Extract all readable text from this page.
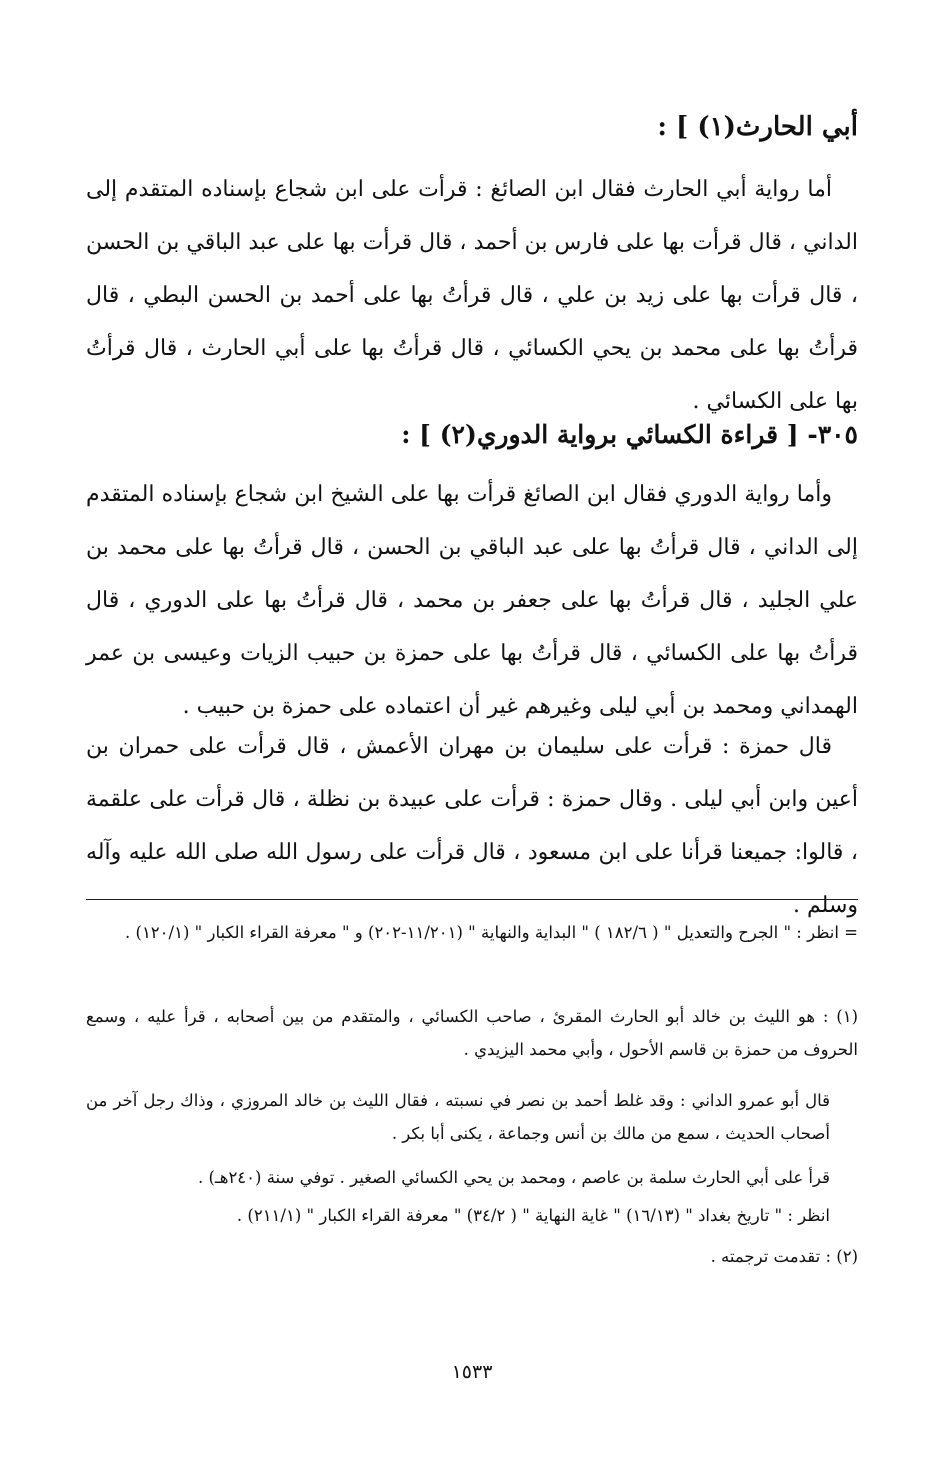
أبي الحارث(١) ] :

أما رواية أبي الحارث فقال ابن الصائغ : قرأت على ابن شجاع بإسناده المتقدم إلى الداني ، قال قرأت بها على فارس بن أحمد ، قال قرأت بها على عبد الباقي بن الحسن ، قال قرأت بها على زيد بن علي ، قال قرأتُ بها على أحمد بن الحسن البطي ، قال قرأتُ بها على محمد بن يحي الكسائي ، قال قرأتُ بها على أبي الحارث ، قال قرأتُ بها على الكسائي .

٣٠٥- [ قراءة الكسائي برواية الدوري(٢) ] :

وأما رواية الدوري فقال ابن الصائغ قرأت بها على الشيخ ابن شجاع بإسناده المتقدم إلى الداني ، قال قرأتُ بها على عبد الباقي بن الحسن ، قال قرأتُ بها على محمد بن علي الجليد ، قال قرأتُ بها على جعفر بن محمد ، قال قرأتُ بها على الدوري ، قال قرأتُ بها على الكسائي ، قال قرأتُ بها على حمزة بن حبيب الزيات وعيسى بن عمر الهمداني ومحمد بن أبي ليلى وغيرهم غير أن اعتماده على حمزة بن حبيب .

قال حمزة : قرأت على سليمان بن مهران الأعمش ، قال قرأت على حمران بن أعين وابن أبي ليلى . وقال حمزة : قرأت على عبيدة بن نظلة ، قال قرأت على علقمة ، قالوا: جميعنا قرأنا على ابن مسعود ، قال قرأت على رسول الله صلى الله عليه وآله وسلم .

= انظر : " الجرح والتعديل " ( ١٨٢/٦ ) " البداية والنهاية " (١١/٢٠١-٢٠٢) و " معرفة القراء الكبار " (١٢٠/١) .

(١) : هو الليث بن خالد أبو الحارث المقرئ ، صاحب الكسائي ، والمتقدم من بين أصحابه ، قرأ عليه ، وسمع الحروف من حمزة بن قاسم الأحول ، وأبي محمد اليزيدي .

قال أبو عمرو الداني : وقد غلط أحمد بن نصر في نسبته ، فقال الليث بن خالد المروزي ، وذاك رجل آخر من أصحاب الحديث ، سمع من مالك بن أنس وجماعة ، يكنى أبا بكر .

قرأ على أبي الحارث سلمة بن عاصم ، ومحمد بن يحي الكسائي الصغير . توفي سنة (٢٤٠هـ) .

انظر : " تاريخ بغداد " (١٦/١٣) " غاية النهاية " ( ٣٤/٢) " معرفة القراء الكبار " (٢١١/١) .

(٢) : تقدمت ترجمته .

١٥٣٣
